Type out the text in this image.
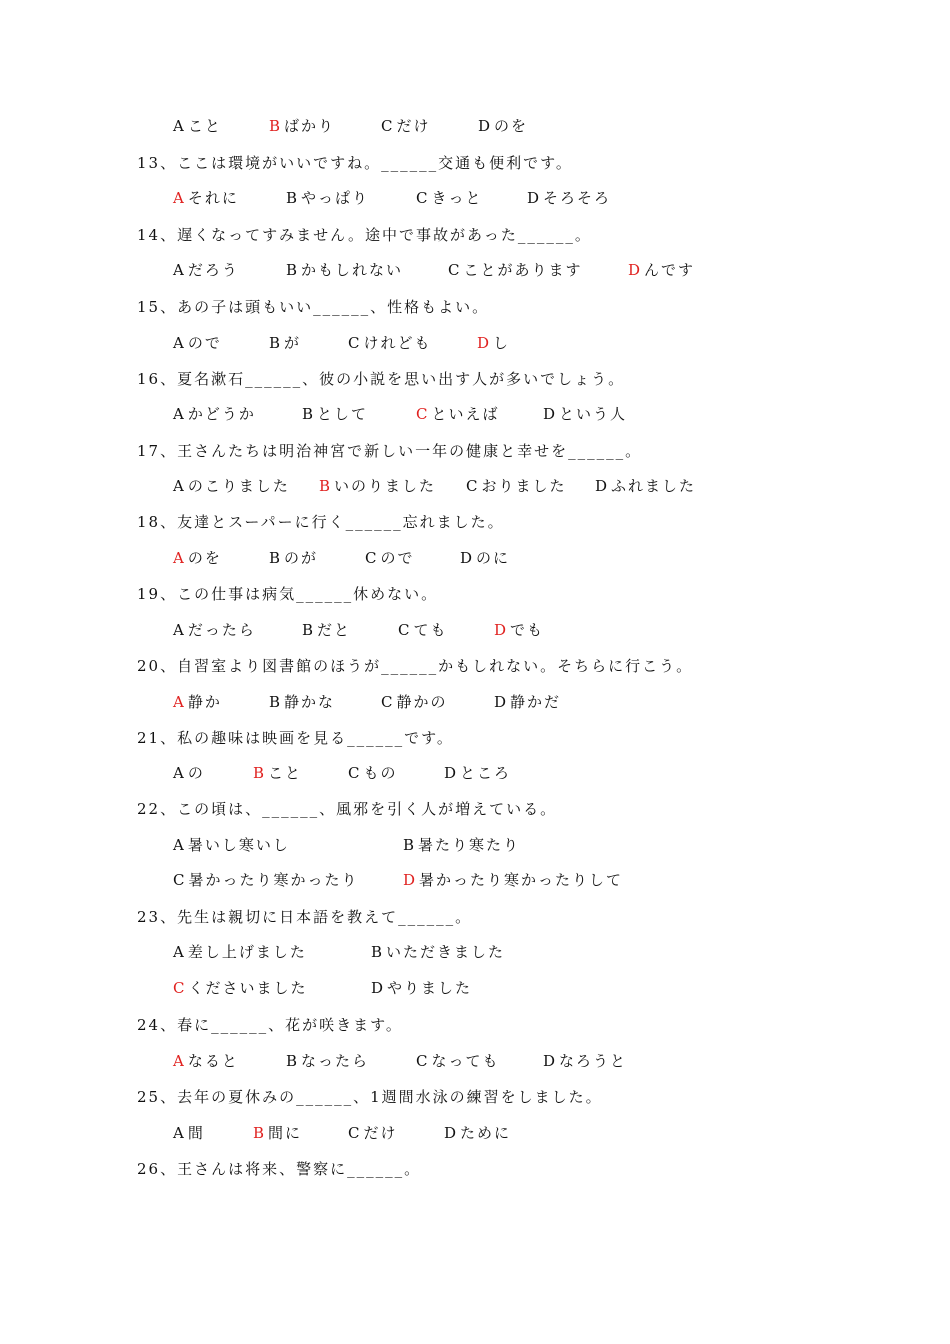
A こと	B ばかり	C だけ	D のを
13、ここは環境がいいですね。______交通も便利です。
A それに	B やっぱり	C きっと	D そろそろ
14、遅くなってすみません。途中で事故があった______。
A だろう	B かもしれない	C ことがあります	D んです
15、あの子は頭もいい______、性格もよい。
A ので	B が	C けれども	D し
16、夏名漱石______、彼の小説を思い出す人が多いでしょう。
A かどうか	B として	C といえば	D という人
17、王さんたちは明治神宮で新しい一年の健康と幸せを______。
A のこりました B いのりました C おりました D ふれました
18、友達とスーパーに行く______忘れました。
A のを	B のが	C ので	D のに
19、この仕事は病気______休めない。
A だったら	B だと	C ても	D でも
20、自習室より図書館のほうが______かもしれない。そちらに行こう。
A 静か	B 静かな	C 静かの	D 静かだ
21、私の趣味は映画を見る______です。
A の	B こと	C もの	D ところ
22、この頃は、______、風邪を引く人が増えている。
A 暑いし寒いし	B 暑たり寒たり
C 暑かったり寒かったり	D 暑かったり寒かったりして
23、先生は親切に日本語を教えて______。
A 差し上げました	B いただきました
C くださいました	D やりました
24、春に______、花が咲きます。
A なると	B なったら	C なっても	D なろうと
25、去年の夏休みの______、1週間水泳の練習をしました。
A 間	B 間に	C だけ	D ために
26、王さんは将来、警察に______。
